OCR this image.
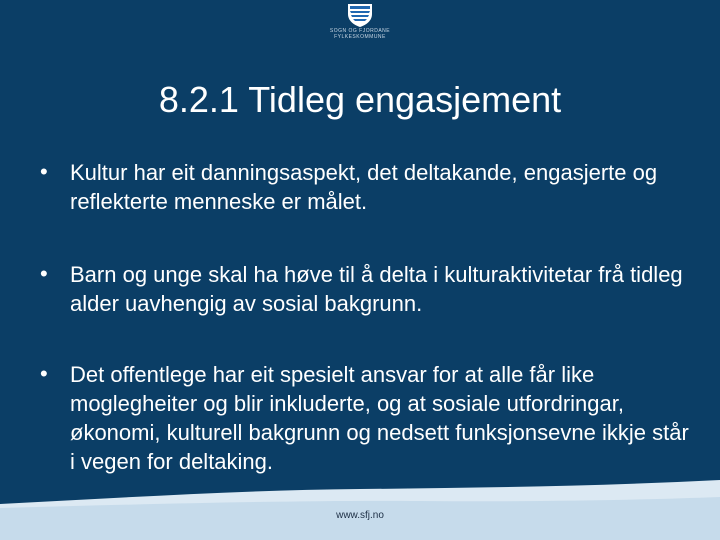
SOGN OG FJORDANE
FYLKESKOMMUNE
8.2.1 Tidleg engasjement
• Kultur har eit danningsaspekt, det deltakande, engasjerte og reflekterte menneske er målet.
• Barn og unge skal ha høve til å delta i kulturaktivitetar frå tidleg alder uavhengig av sosial bakgrunn.
• Det offentlege har eit spesielt ansvar for at alle får like moglegheiter og blir inkluderte, og at sosiale utfordringar, økonomi, kulturell bakgrunn og nedsett funksjonsevne ikkje står i vegen for deltaking.
www.sfj.no
